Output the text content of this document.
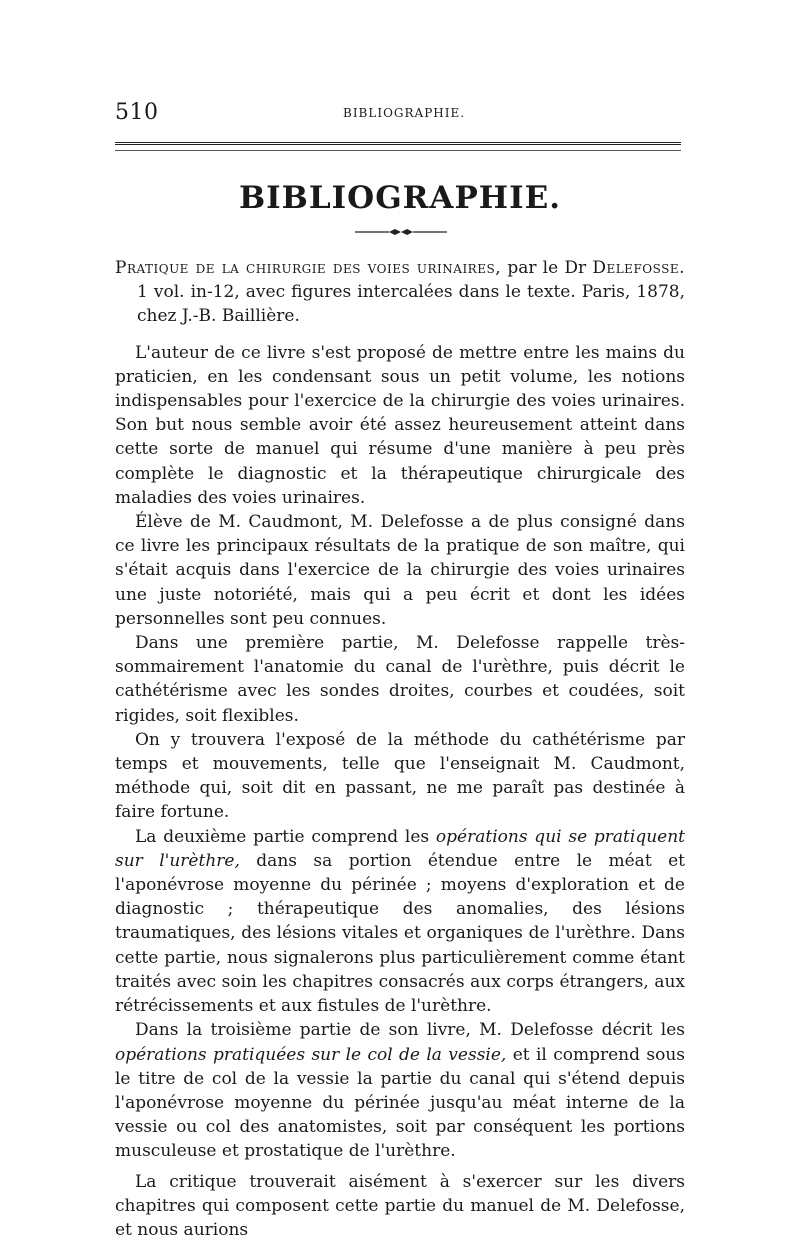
510	BIBLIOGRAPHIE.
BIBLIOGRAPHIE.

Pratique de la chirurgie des voies urinaires, par le Dr Delefosse. 1 vol. in-12, avec figures intercalées dans le texte. Paris, 1878, chez J.-B. Baillière.

L'auteur de ce livre s'est proposé de mettre entre les mains du praticien, en les condensant sous un petit volume, les notions indispensables pour l'exercice de la chirurgie des voies urinaires. Son but nous semble avoir été assez heureusement atteint dans cette sorte de manuel qui résume d'une manière à peu près complète le diagnostic et la thérapeutique chirurgicale des maladies des voies urinaires.

Élève de M. Caudmont, M. Delefosse a de plus consigné dans ce livre les principaux résultats de la pratique de son maître, qui s'était acquis dans l'exercice de la chirurgie des voies urinaires une juste notoriété, mais qui a peu écrit et dont les idées personnelles sont peu connues.

Dans une première partie, M. Delefosse rappelle très-sommairement l'anatomie du canal de l'urèthre, puis décrit le cathétérisme avec les sondes droites, courbes et coudées, soit rigides, soit flexibles.

On y trouvera l'exposé de la méthode du cathétérisme par temps et mouvements, telle que l'enseignait M. Caudmont, méthode qui, soit dit en passant, ne me paraît pas destinée à faire fortune.

La deuxième partie comprend les opérations qui se pratiquent sur l'urèthre, dans sa portion étendue entre le méat et l'aponévrose moyenne du périnée ; moyens d'exploration et de diagnostic ; thérapeutique des anomalies, des lésions traumatiques, des lésions vitales et organiques de l'urèthre. Dans cette partie, nous signalerons plus particulièrement comme étant traités avec soin les chapitres consacrés aux corps étrangers, aux rétrécissements et aux fistules de l'urèthre.

Dans la troisième partie de son livre, M. Delefosse décrit les opérations pratiquées sur le col de la vessie, et il comprend sous le titre de col de la vessie la partie du canal qui s'étend depuis l'aponévrose moyenne du périnée jusqu'au méat interne de la vessie ou col des anatomistes, soit par conséquent les portions musculeuse et prostatique de l'urèthre.

La critique trouverait aisément à s'exercer sur les divers chapitres qui composent cette partie du manuel de M. Delefosse, et nous aurions
